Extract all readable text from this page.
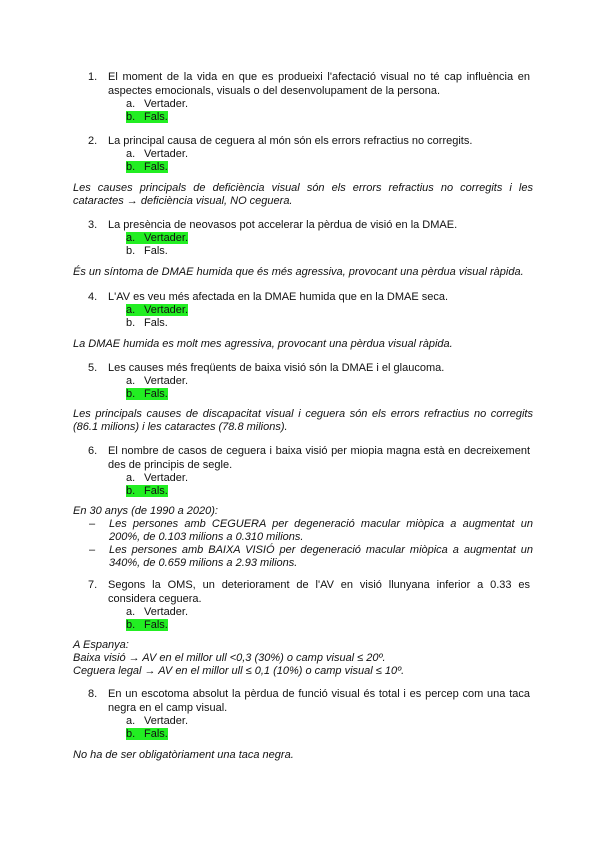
1. El moment de la vida en que es produeixi l'afectació visual no té cap influència en aspectes emocionals, visuals o del desenvolupament de la persona.
a. Vertader.
b. Fals.
2. La principal causa de ceguera al món són els errors refractius no corregits.
a. Vertader.
b. Fals.
Les causes principals de deficiència visual són els errors refractius no corregits i les cataractes → deficiència visual, NO ceguera.
3. La presència de neovasos pot accelerar la pèrdua de visió en la DMAE.
a. Vertader.
b. Fals.
És un síntoma de DMAE humida que és més agressiva, provocant una pèrdua visual ràpida.
4. L'AV es veu més afectada en la DMAE humida que en la DMAE seca.
a. Vertader.
b. Fals.
La DMAE humida es molt mes agressiva, provocant una pèrdua visual ràpida.
5. Les causes més freqüents de baixa visió són la DMAE i el glaucoma.
a. Vertader.
b. Fals.
Les principals causes de discapacitat visual i ceguera són els errors refractius no corregits (86.1 milions) i les cataractes (78.8 milions).
6. El nombre de casos de ceguera i baixa visió per miopia magna està en decreixement des de principis de segle.
a. Vertader.
b. Fals.
En 30 anys (de 1990 a 2020):
– Les persones amb CEGUERA per degeneració macular miòpica a augmentat un 200%, de 0.103 milions a 0.310 milions.
– Les persones amb BAIXA VISIÓ per degeneració macular miòpica a augmentat un 340%, de 0.659 milions a 2.93 milions.
7. Segons la OMS, un deteriorament de l'AV en visió llunyana inferior a 0.33 es considera ceguera.
a. Vertader.
b. Fals.
A Espanya:
Baixa visió → AV en el millor ull <0,3 (30%) o camp visual ≤ 20º.
Ceguera legal → AV en el millor ull ≤ 0,1 (10%) o camp visual ≤ 10º.
8. En un escotoma absolut la pèrdua de funció visual és total i es percep com una taca negra en el camp visual.
a. Vertader.
b. Fals.
No ha de ser obligatòriament una taca negra.
